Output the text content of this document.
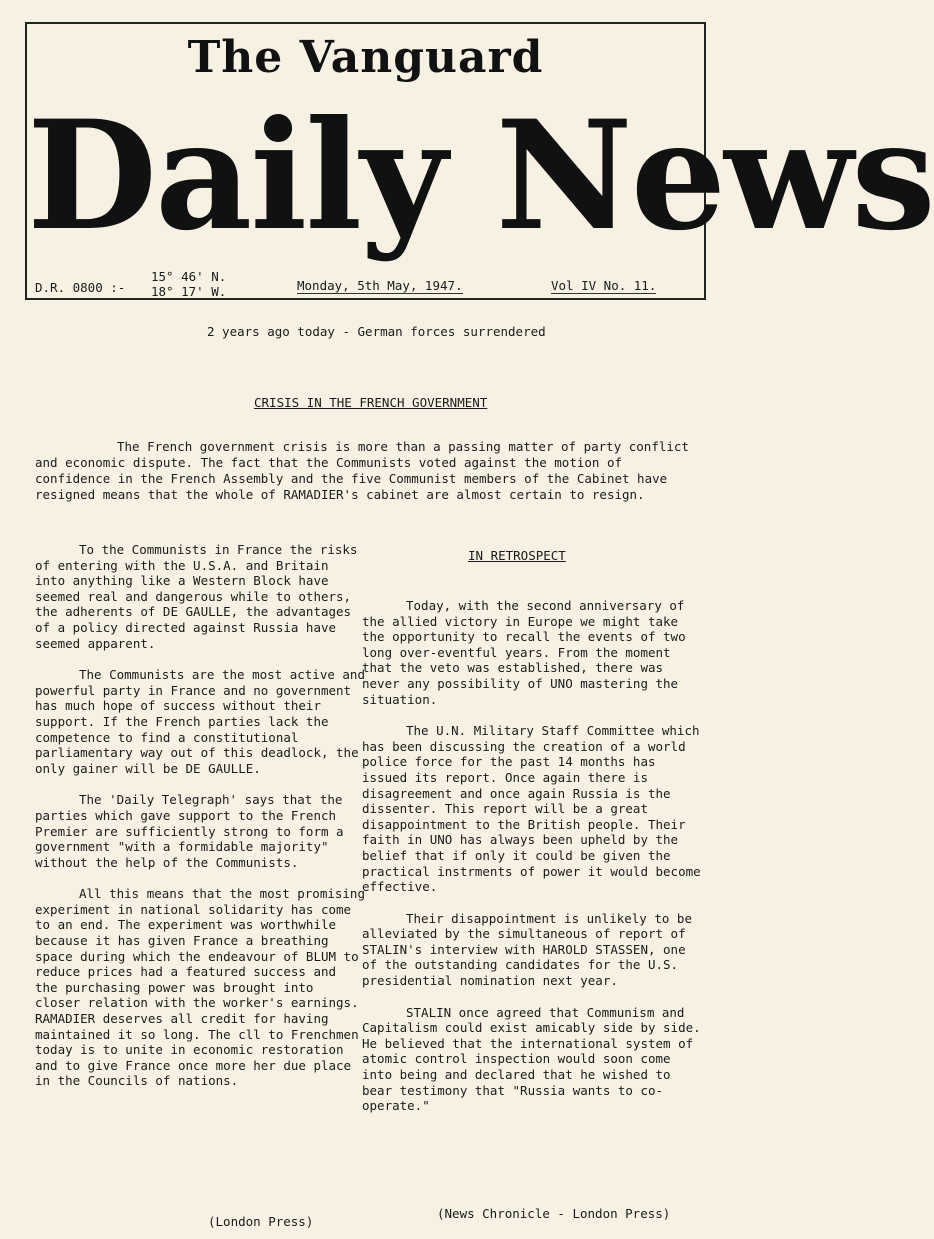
The Vanguard
Daily News
D.R. 0800 :-
15° 46' N.
18° 17' W.	Monday, 5th May, 1947.	Vol IV No. 11.
2 years ago today - German forces surrendered
CRISIS IN THE FRENCH GOVERNMENT

The French government crisis is more than a passing matter of party conflict and economic dispute. The fact that the Communists voted against the motion of confidence in the French Assembly and the five Communist members of the Cabinet have resigned means that the whole of RAMADIER's cabinet are almost certain to resign.

To the Communists in France the risks of entering with the U.S.A. and Britain into anything like a Western Block have seemed real and dangerous while to others, the adherents of DE GAULLE, the advantages of a policy directed against Russia have seemed apparent.

The Communists are the most active and powerful party in France and no government has much hope of success without their support. If the French parties lack the competence to find a constitutional parliamentary way out of this deadlock, the only gainer will be DE GAULLE.

The 'Daily Telegraph' says that the parties which gave support to the French Premier are sufficiently strong to form a government "with a formidable majority" without the help of the Communists.

All this means that the most promising experiment in national solidarity has come to an end. The experiment was worthwhile because it has given France a breathing space during which the endeavour of BLUM to reduce prices had a featured success and the purchasing power was brought into closer relation with the worker's earnings. RAMADIER deserves all credit for having maintained it so long. The cll to Frenchmen today is to unite in economic restoration and to give France once more her due place in the Councils of nations.

(London Press)
IN RETROSPECT

Today, with the second anniversary of the allied victory in Europe we might take the opportunity to recall the events of two long over-eventful years. From the moment that the veto was established, there was never any possibility of UNO mastering the situation.

The U.N. Military Staff Committee which has been discussing the creation of a world police force for the past 14 months has issued its report. Once again there is disagreement and once again Russia is the dissenter. This report will be a great disappointment to the British people. Their faith in UNO has always been upheld by the belief that if only it could be given the practical instrments of power it would become effective.

Their disappointment is unlikely to be alleviated by the simultaneous of report of STALIN's interview with HAROLD STASSEN, one of the outstanding candidates for the U.S. presidential nomination next year.

STALIN once agreed that Communism and Capitalism could exist amicably side by side. He believed that the international system of atomic control inspection would soon come into being and declared that he wished to bear testimony that "Russia wants to co-operate."

(News Chronicle - London Press)
